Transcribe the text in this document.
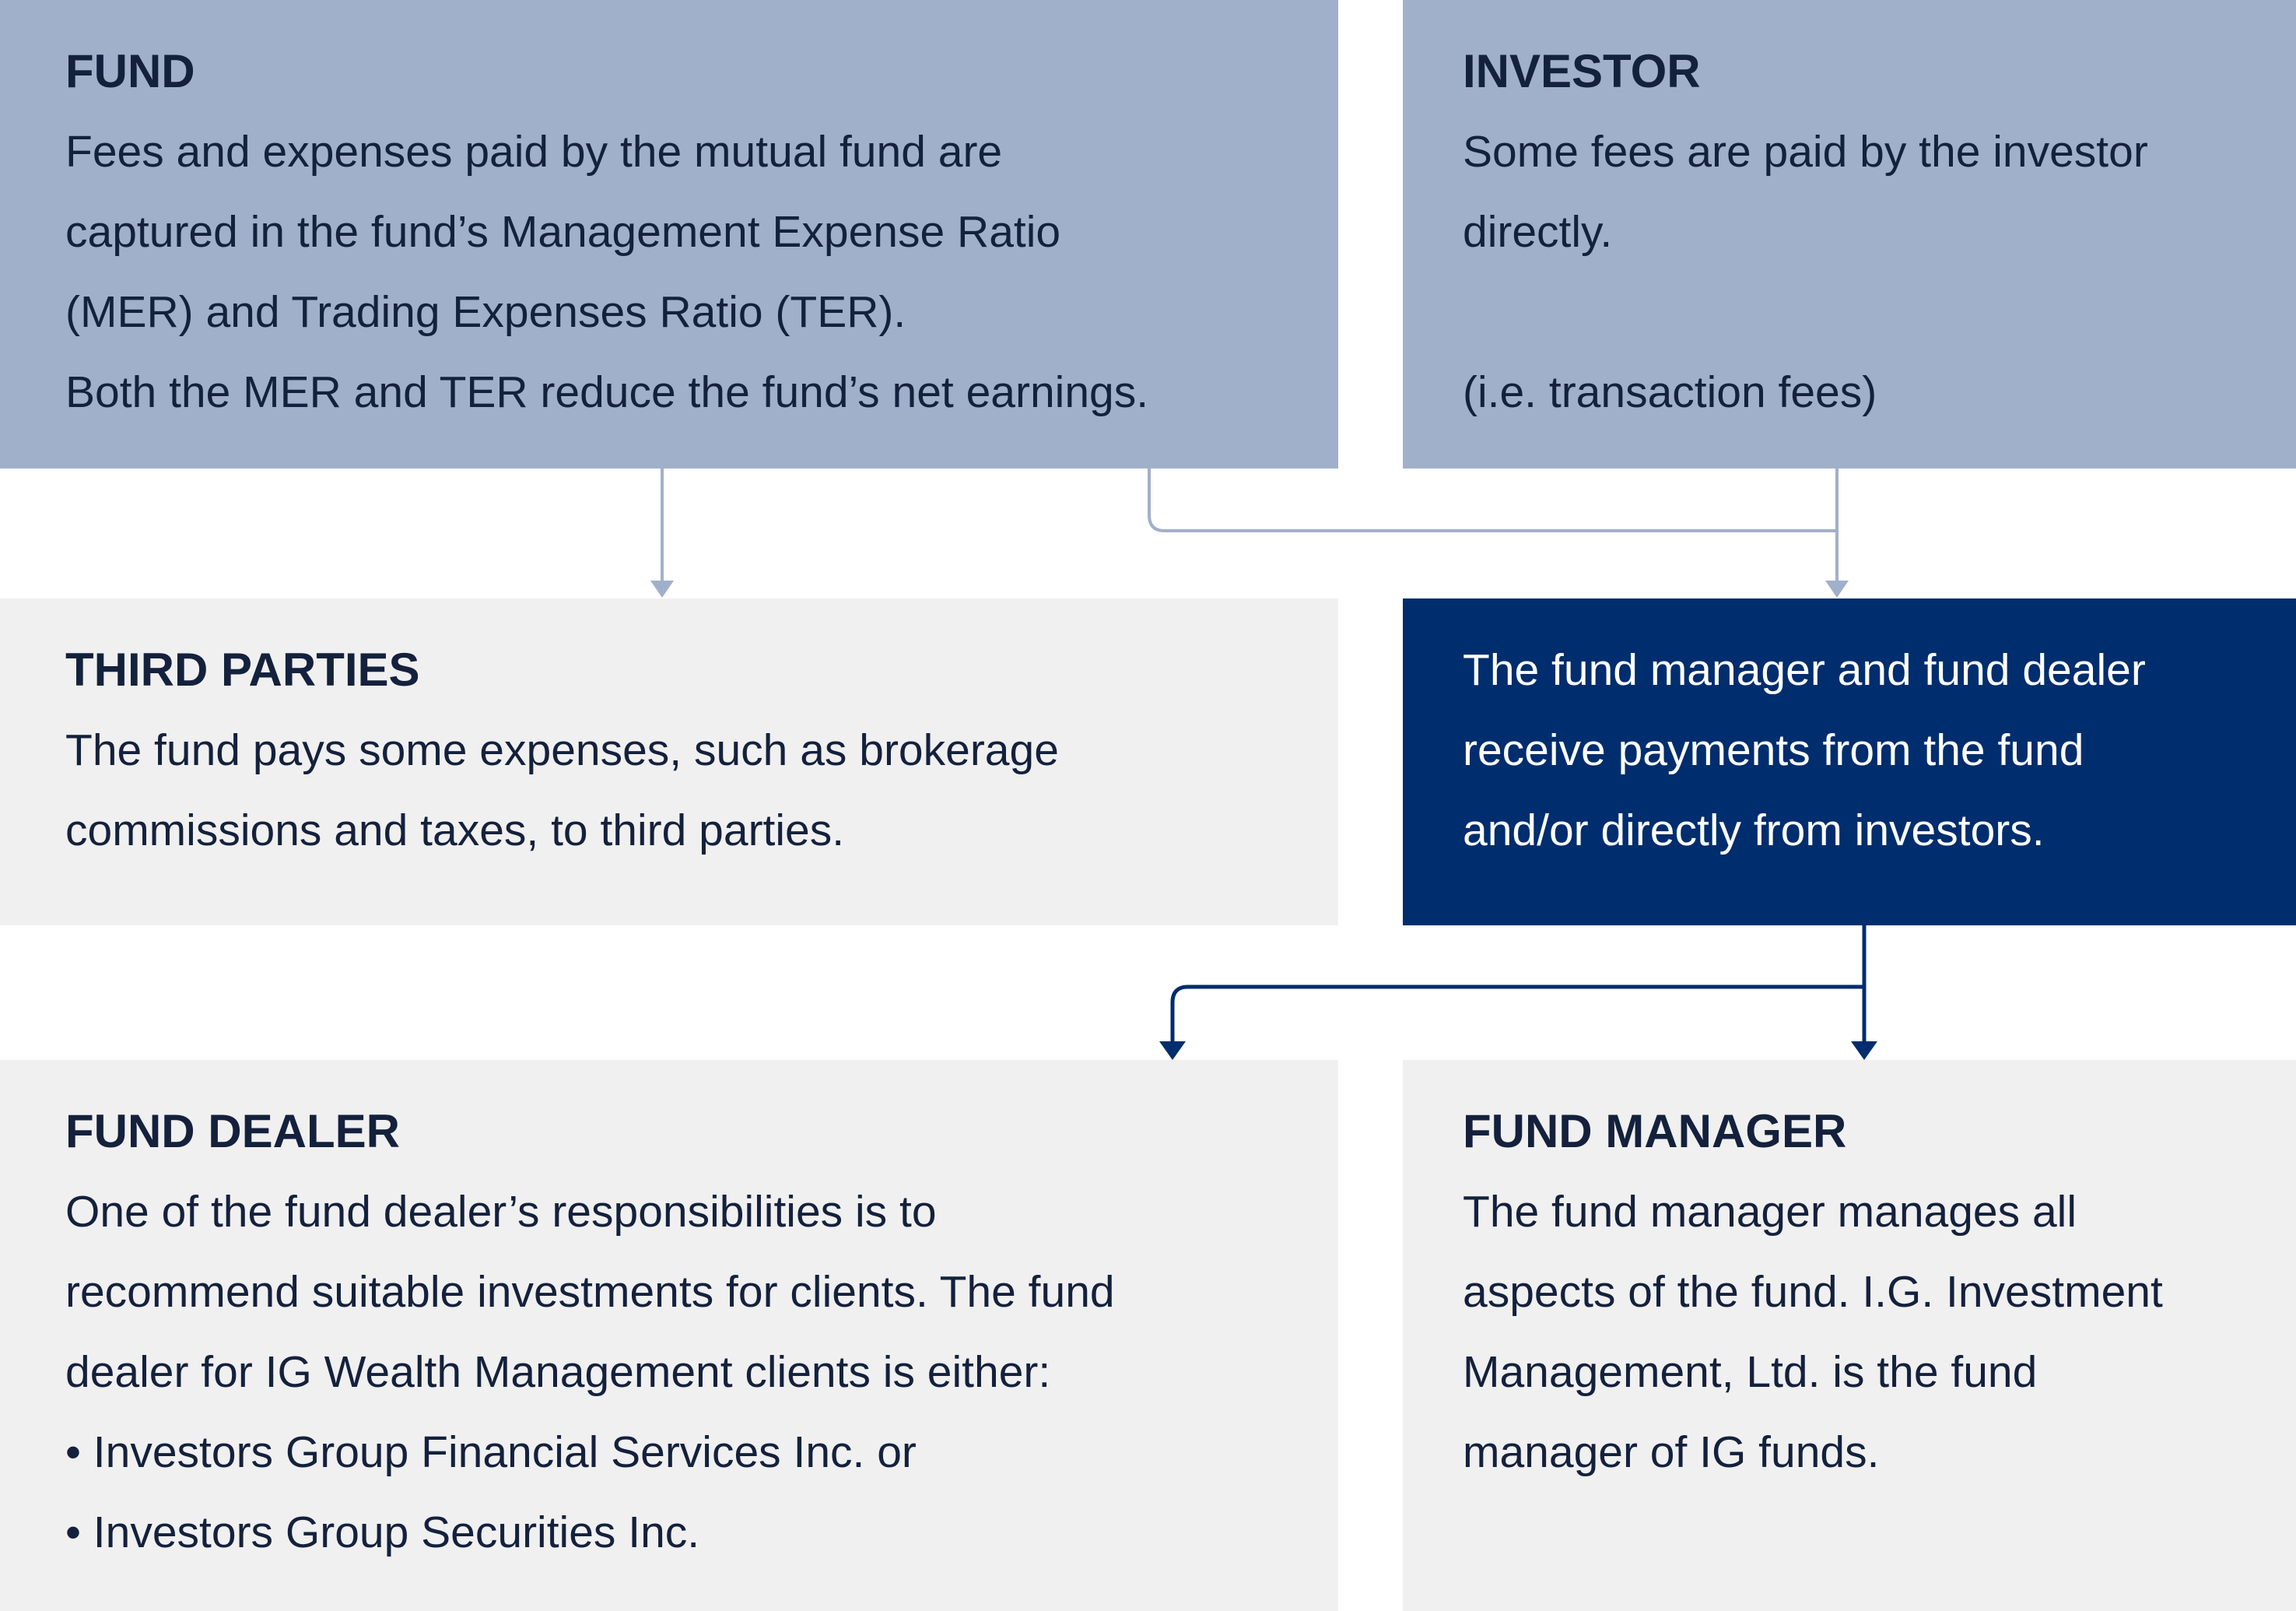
FUND

Fees and expenses paid by the mutual fund are
captured in the fund’s Management Expense Ratio
(MER) and Trading Expenses Ratio (TER).
Both the MER and TER reduce the fund’s net earnings.

INVESTOR

Some fees are paid by the investor
directly.

(i.e. transaction fees)

THIRD PARTIES

The fund pays some expenses, such as brokerage
commissions and taxes, to third parties.

The fund manager and fund dealer
receive payments from the fund
and/or directly from investors.

FUND DEALER

One of the fund dealer’s responsibilities is to
recommend suitable investments for clients. The fund
dealer for IG Wealth Management clients is either:

• Investors Group Financial Services Inc. or
• Investors Group Securities Inc.

FUND MANAGER

The fund manager manages all
aspects of the fund. I.G. Investment
Management, Ltd. is the fund
manager of IG funds.
